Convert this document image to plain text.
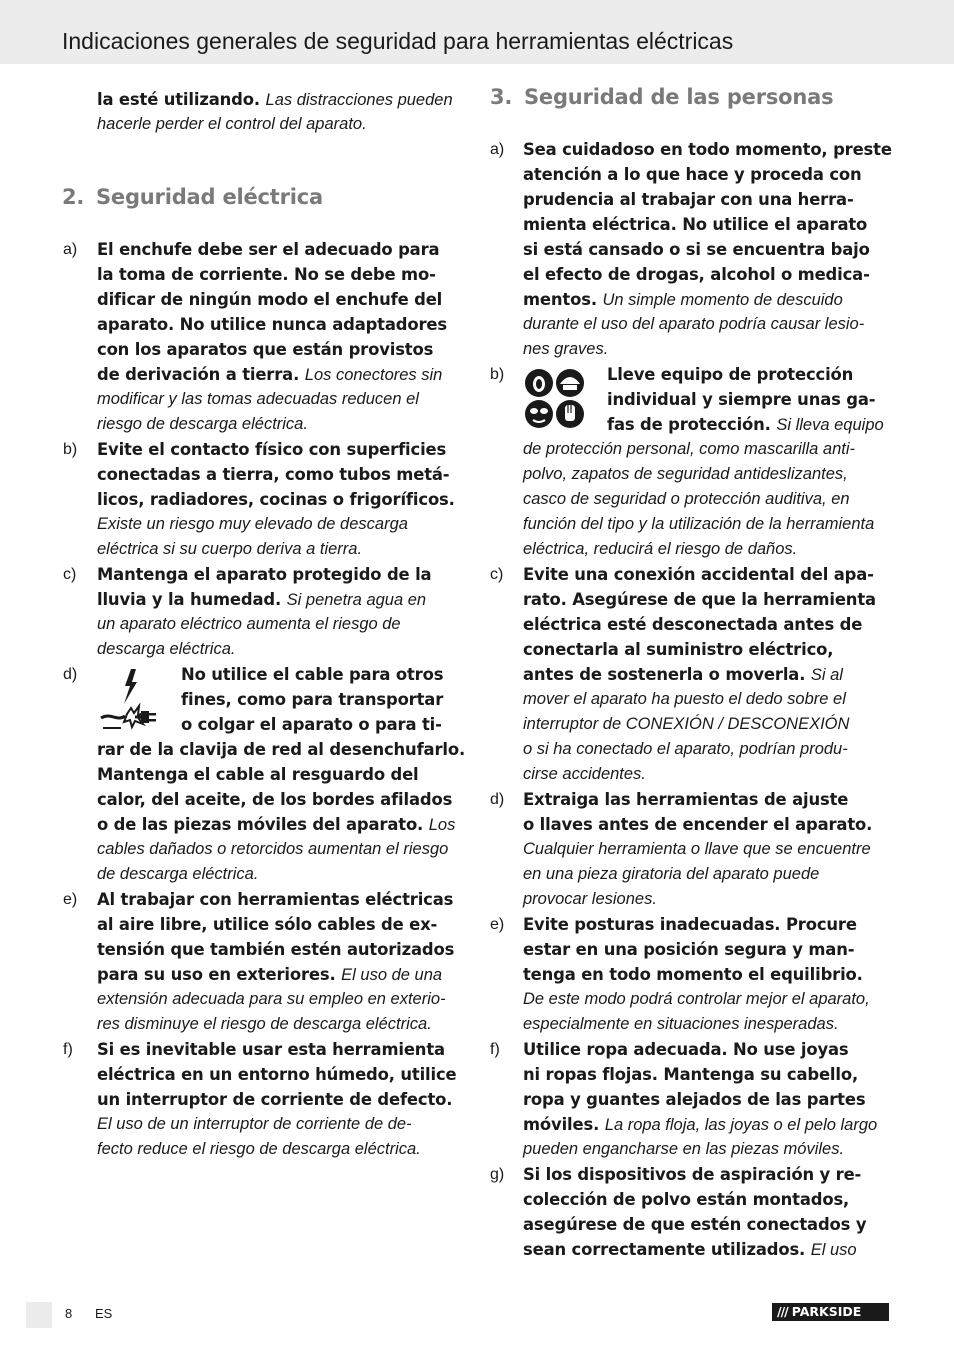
Indicaciones generales de seguridad para herramientas eléctricas
la esté utilizando. Las distracciones pueden
hacerle perder el control del aparato.
2. Seguridad eléctrica
a) El enchufe debe ser el adecuado para
la toma de corriente. No se debe mo-
dificar de ningún modo el enchufe del
aparato. No utilice nunca adaptadores
con los aparatos que están provistos
de derivación a tierra. Los conectores sin
modificar y las tomas adecuadas reducen el
riesgo de descarga eléctrica.
b) Evite el contacto físico con superficies
conectadas a tierra, como tubos metá-
licos, radiadores, cocinas o frigoríficos.
Existe un riesgo muy elevado de descarga
eléctrica si su cuerpo deriva a tierra.
c) Mantenga el aparato protegido de la
lluvia y la humedad. Si penetra agua en
un aparato eléctrico aumenta el riesgo de
descarga eléctrica.
d)	No utilice el cable para otros
fines, como para transportar
o colgar el aparato o para ti-
rar de la clavija de red al desenchufarlo.
Mantenga el cable al resguardo del
calor, del aceite, de los bordes afilados
o de las piezas móviles del aparato. Los
cables dañados o retorcidos aumentan el riesgo
de descarga eléctrica.
e) Al trabajar con herramientas eléctricas
al aire libre, utilice sólo cables de ex-
tensión que también estén autorizados
para su uso en exteriores. El uso de una
extensión adecuada para su empleo en exterio-
res disminuye el riesgo de descarga eléctrica.
f) Si es inevitable usar esta herramienta
eléctrica en un entorno húmedo, utilice
un interruptor de corriente de defecto.
El uso de un interruptor de corriente de de-
fecto reduce el riesgo de descarga eléctrica.
3. Seguridad de las personas
a) Sea cuidadoso en todo momento, preste
atención a lo que hace y proceda con
prudencia al trabajar con una herra-
mienta eléctrica. No utilice el aparato
si está cansado o si se encuentra bajo
el efecto de drogas, alcohol o medica-
mentos. Un simple momento de descuido
durante el uso del aparato podría causar lesio-
nes graves.
b)	Lleve equipo de protección
individual y siempre unas ga-
fas de protección. Si lleva equipo
de protección personal, como mascarilla anti-
polvo, zapatos de seguridad antideslizantes,
casco de seguridad o protección auditiva, en
función del tipo y la utilización de la herramienta
eléctrica, reducirá el riesgo de daños.
c) Evite una conexión accidental del apa-
rato. Asegúrese de que la herramienta
eléctrica esté desconectada antes de
conectarla al suministro eléctrico,
antes de sostenerla o moverla. Si al
mover el aparato ha puesto el dedo sobre el
interruptor de CONEXIÓN / DESCONEXIÓN
o si ha conectado el aparato, podrían produ-
cirse accidentes.
d) Extraiga las herramientas de ajuste
o llaves antes de encender el aparato.
Cualquier herramienta o llave que se encuentre
en una pieza giratoria del aparato puede
provocar lesiones.
e) Evite posturas inadecuadas. Procure
estar en una posición segura y man-
tenga en todo momento el equilibrio.
De este modo podrá controlar mejor el aparato,
especialmente en situaciones inesperadas.
f) Utilice ropa adecuada. No use joyas
ni ropas flojas. Mantenga su cabello,
ropa y guantes alejados de las partes
móviles. La ropa floja, las joyas o el pelo largo
pueden engancharse en las piezas móviles.
g) Si los dispositivos de aspiración y re-
colección de polvo están montados,
asegúrese de que estén conectados y
sean correctamente utilizados. El uso
8 ES	/// PARKSIDE
